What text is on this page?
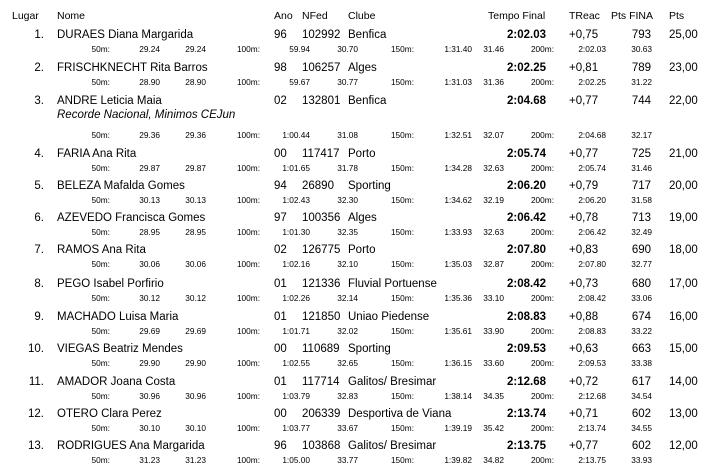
Lugar Nome	Ano NFed Clube	Tempo Final TReac Pts FINA Pts
1. DURAES Diana Margarida	96 102992 Benfica	2:02.03 +0,75	793 25,00
50m:	29.24	29.24	100m:	59.94	30.70	150m:	1:31.40	31.46	200m:	2:02.03	30.63
2. FRISCHKNECHT Rita Barros	98 106257 Alges	2:02.25 +0,81	789 23,00
50m:	28.90	28.90	100m:	59.67	30.77	150m:	1:31.03	31.36	200m:	2:02.25	31.22
3. ANDRE Leticia Maia	02 132801 Benfica	2:04.68 +0,77	744 22,00
Recorde Nacional, Minimos CEJun
50m:	29.36	29.36	100m:	1:00.44	31.08	150m:	1:32.51	32.07	200m:	2:04.68	32.17
4. FARIA Ana Rita	00 117417 Porto	2:05.74 +0,77	725 21,00
50m:	29.87	29.87	100m:	1:01.65	31.78	150m:	1:34.28	32.63	200m:	2:05.74	31.46
5. BELEZA Mafalda Gomes	94 26890 Sporting	2:06.20 +0,79	717 20,00
50m:	30.13	30.13	100m:	1:02.43	32.30	150m:	1:34.62	32.19	200m:	2:06.20	31.58
6. AZEVEDO Francisca Gomes	97 100356 Alges	2:06.42 +0,78	713 19,00
50m:	28.95	28.95	100m:	1:01.30	32.35	150m:	1:33.93	32.63	200m:	2:06.42	32.49
7. RAMOS Ana Rita	02 126775 Porto	2:07.80 +0,83	690 18,00
50m:	30.06	30.06	100m:	1:02.16	32.10	150m:	1:35.03	32.87	200m:	2:07.80	32.77
8. PEGO Isabel Porfirio	01 121336 Fluvial Portuense	2:08.42 +0,73	680 17,00
50m:	30.12	30.12	100m:	1:02.26	32.14	150m:	1:35.36	33.10	200m:	2:08.42	33.06
9. MACHADO Luisa Maria	01 121850 Uniao Piedense	2:08.83 +0,88	674 16,00
50m:	29.69	29.69	100m:	1:01.71	32.02	150m:	1:35.61	33.90	200m:	2:08.83	33.22
10. VIEGAS Beatriz Mendes	00 110689 Sporting	2:09.53 +0,63	663 15,00
50m:	29.90	29.90	100m:	1:02.55	32.65	150m:	1:36.15	33.60	200m:	2:09.53	33.38
11. AMADOR Joana Costa	01 117714 Galitos/ Bresimar	2:12.68 +0,72	617 14,00
50m:	30.96	30.96	100m:	1:03.79	32.83	150m:	1:38.14	34.35	200m:	2:12.68	34.54
12. OTERO Clara Perez	00 206339 Desportiva de Viana	2:13.74 +0,71	602 13,00
50m:	30.10	30.10	100m:	1:03.77	33.67	150m:	1:39.19	35.42	200m:	2:13.74	34.55
13. RODRIGUES Ana Margarida	96 103868 Galitos/ Bresimar	2:13.75 +0,77	602 12,00
50m:	31.23	31.23	100m:	1:05.00	33.77	150m:	1:39.82	34.82	200m:	2:13.75	33.93
